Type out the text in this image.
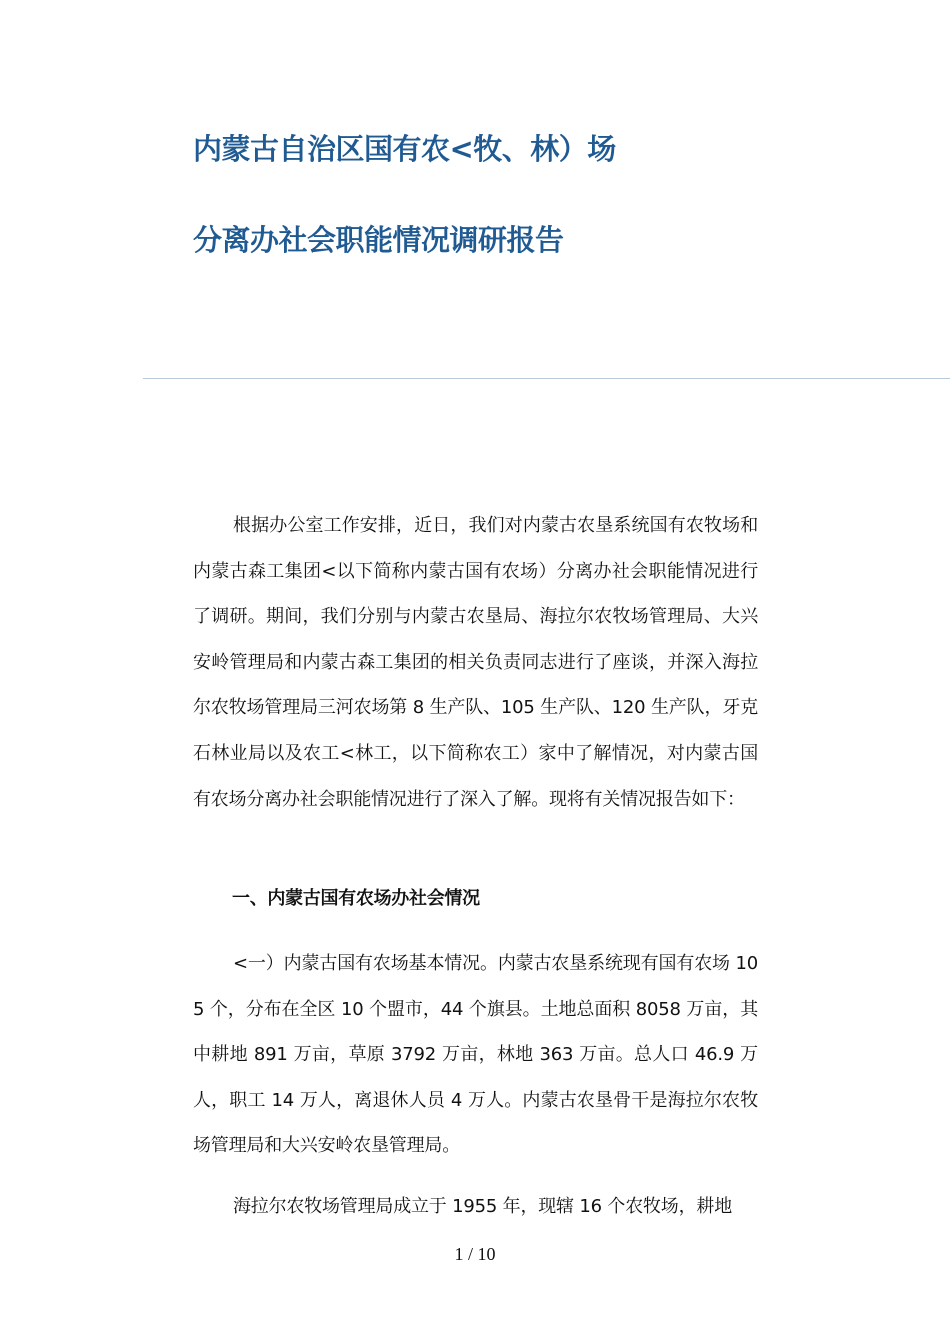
内蒙古自治区国有农<牧、林）场
分离办社会职能情况调研报告

根据办公室工作安排，近日，我们对内蒙古农垦系统国有农牧场和内蒙古森工集团<以下简称内蒙古国有农场）分离办社会职能情况进行了调研。期间，我们分别与内蒙古农垦局、海拉尔农牧场管理局、大兴安岭管理局和内蒙古森工集团的相关负责同志进行了座谈，并深入海拉尔农牧场管理局三河农场第 8 生产队、105 生产队、120 生产队，牙克石林业局以及农工<林工，以下简称农工）家中了解情况，对内蒙古国有农场分离办社会职能情况进行了深入了解。现将有关情况报告如下：

一、内蒙古国有农场办社会情况

<一）内蒙古国有农场基本情况。内蒙古农垦系统现有国有农场 105 个，分布在全区 10 个盟市，44 个旗县。土地总面积 8058 万亩，其中耕地 891 万亩，草原 3792 万亩，林地 363 万亩。总人口 46.9 万人，职工 14 万人，离退休人员 4 万人。内蒙古农垦骨干是海拉尔农牧场管理局和大兴安岭农垦管理局。

海拉尔农牧场管理局成立于 1955 年，现辖 16 个农牧场，耕地

1 / 10
